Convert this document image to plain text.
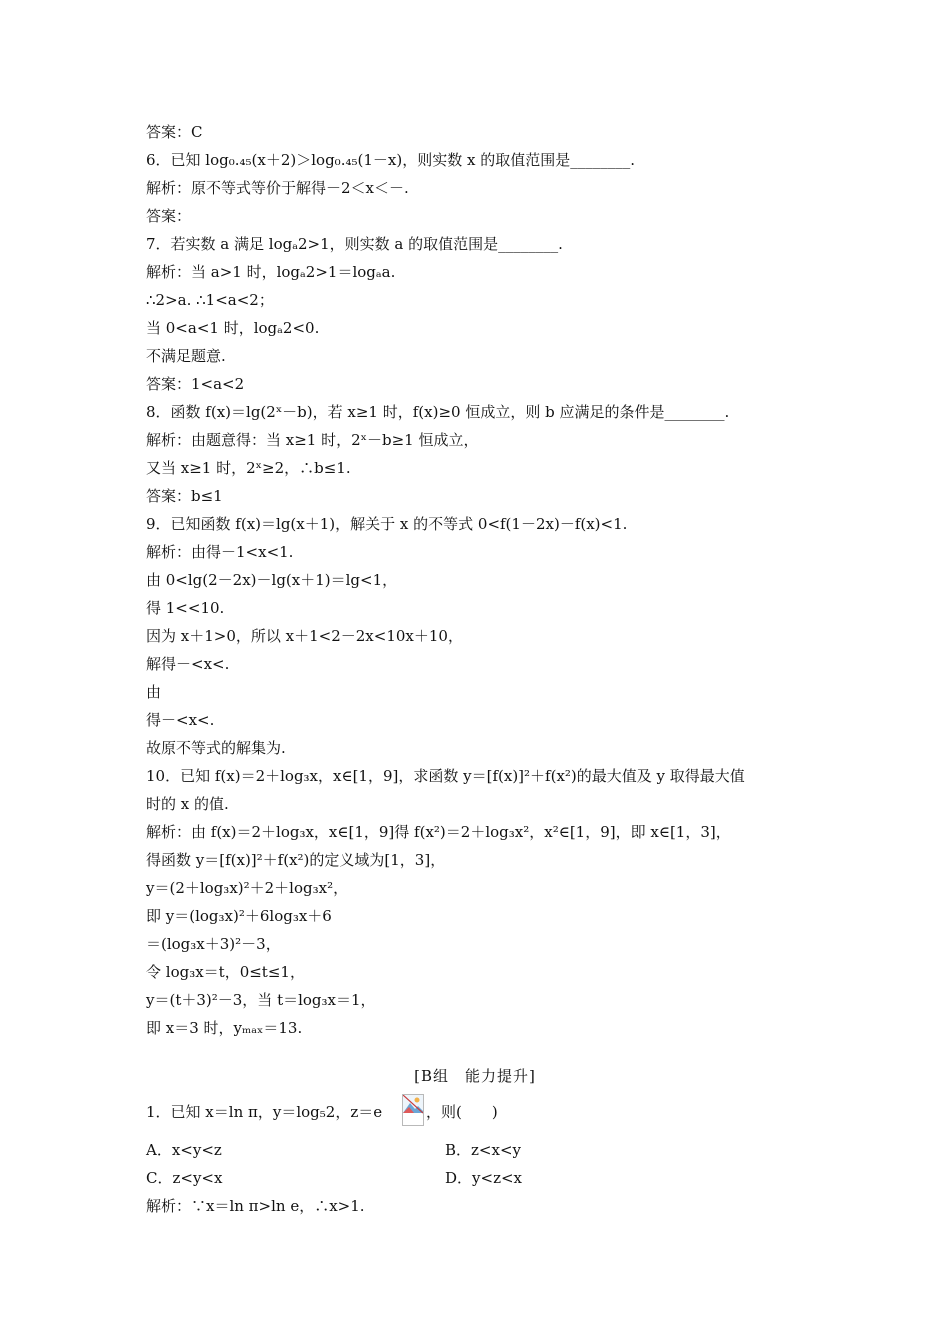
答案：C
6．已知 log₀.₄₅(x＋2)＞log₀.₄₅(1－x)，则实数 x 的取值范围是________.
解析：原不等式等价于解得－2＜x＜－.
答案：
7．若实数 a 满足 logₐ2>1，则实数 a 的取值范围是________.
解析：当 a>1 时，logₐ2>1＝logₐa.
∴2>a. ∴1<a<2；
当 0<a<1 时，logₐ2<0.
不满足题意.
答案：1<a<2
8．函数 f(x)＝lg(2ˣ－b)，若 x≥1 时，f(x)≥0 恒成立，则 b 应满足的条件是________.
解析：由题意得：当 x≥1 时，2ˣ－b≥1 恒成立，
又当 x≥1 时，2ˣ≥2，∴b≤1.
答案：b≤1
9．已知函数 f(x)＝lg(x＋1)，解关于 x 的不等式 0<f(1－2x)－f(x)<1.
解析：由得－1<x<1.
由 0<lg(2－2x)－lg(x＋1)＝lg<1，
得 1<<10.
因为 x＋1>0，所以 x＋1<2－2x<10x＋10，
解得－<x<.
由
得－<x<.
故原不等式的解集为.
10．已知 f(x)＝2＋log₃x，x∈[1，9]，求函数 y＝[f(x)]²＋f(x²)的最大值及 y 取得最大值
时的 x 的值.
解析：由 f(x)＝2＋log₃x，x∈[1，9]得 f(x²)＝2＋log₃x²，x²∈[1，9]，即 x∈[1，3]，
得函数 y＝[f(x)]²＋f(x²)的定义域为[1，3]，
y＝(2＋log₃x)²＋2＋log₃x²，
即 y＝(log₃x)²＋6log₃x＋6
＝(log₃x＋3)²－3，
令 log₃x＝t，0≤t≤1，
y＝(t＋3)²－3，当 t＝log₃x＝1，
即 x＝3 时，yₘₐₓ＝13.
[B组　能力提升]
1．已知 x＝ln π，y＝log₅2，z＝e	，则(　　)
A．x<y<z	B．z<x<y
C．z<y<x	D．y<z<x
解析：∵x＝ln π>ln e，∴x>1.
